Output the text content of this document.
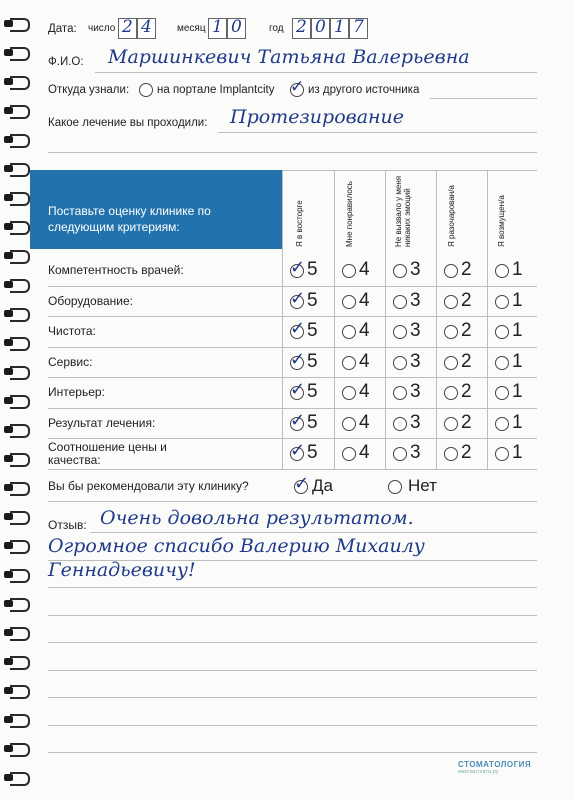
Дата: число 2 4	месяц 1 0	год 2 0 1 7
Ф.И.О: Маршинкевич Татьяна Валерьевна
Откуда узнали: на портале Implantcity ✓ из другого источника
Какое лечение вы проходили: Протезирование
Поставьте оценку клинике по следующим критериям:	Я в восторге	Мне понравилось	Не вызвало у меня никаких эмоций	Я разочарован/а	Я возмущен/а
Компетентность врачей:	✓ 5 4 3 2 1
Оборудование:	✓ 5 4 3 2 1
Чистота:	✓ 5 4 3 2 1
Сервис:	✓ 5 4 3 2 1
Интерьер:	✓ 5 4 3 2 1
Результат лечения:	✓ 5 4 3 2 1
Соотношение цены и качества:	✓ 5 4 3 2 1
Вы бы рекомендовали эту клинику?	✓ Да	Нет
Отзыв: Очень довольна результатом.
Огромное спасибо Валерию Михаилу
Геннадьевичу!
СТОМАТОЛОГИЯ
имплантсити.ру
